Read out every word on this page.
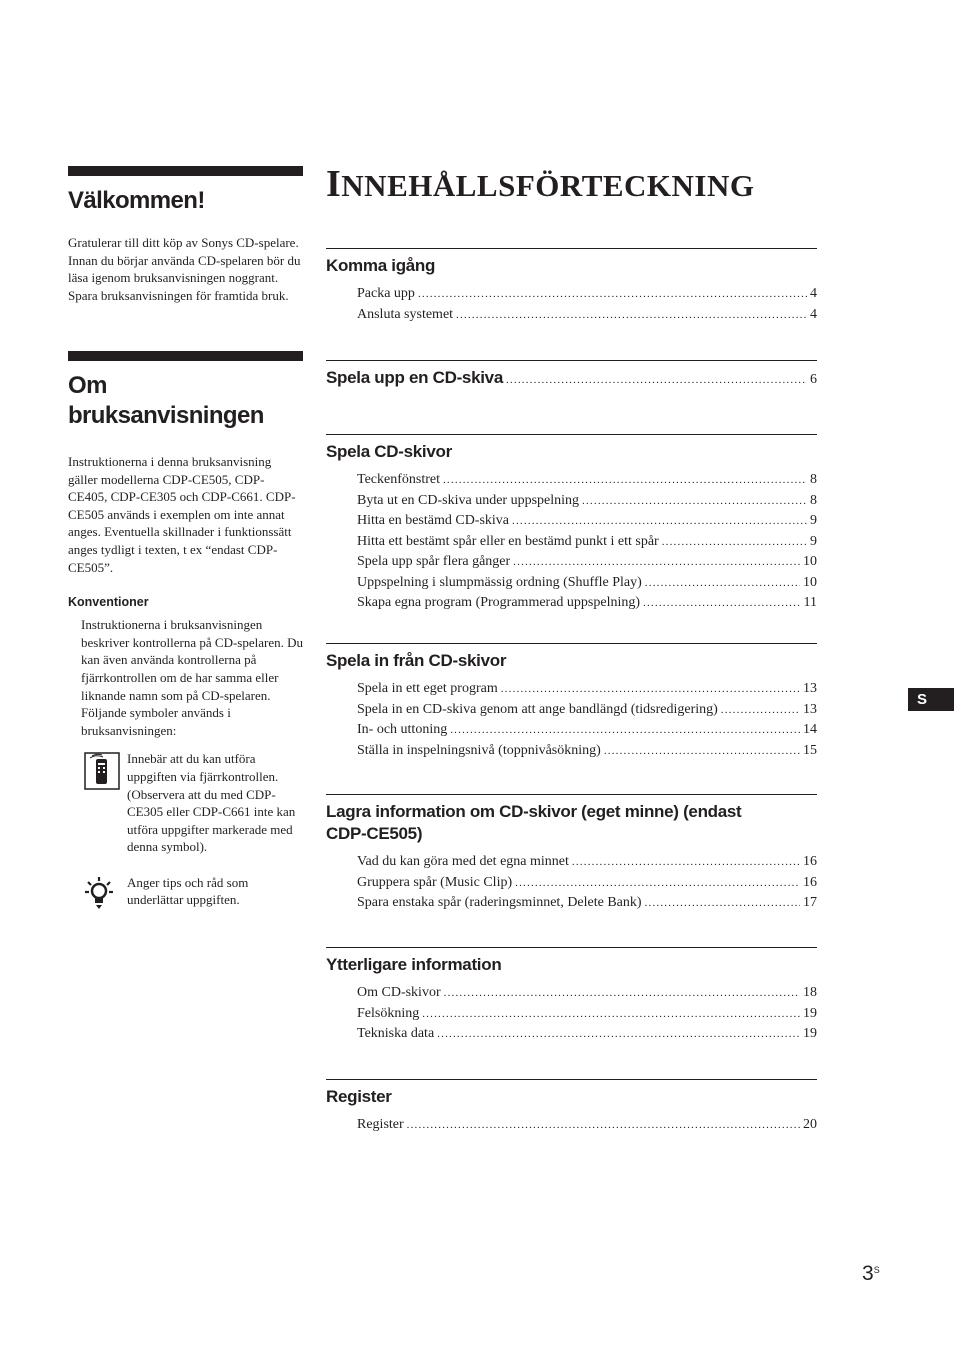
Välkommen!
Gratulerar till ditt köp av Sonys CD-spelare. Innan du börjar använda CD-spelaren bör du läsa igenom bruksanvisningen noggrant. Spara bruksanvisningen för framtida bruk.
Om bruksanvisningen
Instruktionerna i denna bruksanvisning gäller modellerna CDP-CE505, CDP-CE405, CDP-CE305 och CDP-C661. CDP-CE505 används i exemplen om inte annat anges. Eventuella skillnader i funktionssätt anges tydligt i texten, t ex “endast CDP-CE505”.
Konventioner
Instruktionerna i bruksanvisningen beskriver kontrollerna på CD-spelaren. Du kan även använda kontrollerna på fjärrkontrollen om de har samma eller liknande namn som på CD-spelaren. Följande symboler används i bruksanvisningen:
Innebär att du kan utföra uppgiften via fjärrkontrollen. (Observera att du med CDP-CE305 eller CDP-C661 inte kan utföra uppgifter markerade med denna symbol).
Anger tips och råd som underlättar uppgiften.
INNEHÅLLSFÖRTECKNING
Komma igång
Packa upp .....	4
Ansluta systemet .....	4
Spela upp en CD-skiva .....	6
Spela CD-skivor
Teckenfönstret .....	8
Byta ut en CD-skiva under uppspelning .....	8
Hitta en bestämd CD-skiva .....	9
Hitta ett bestämt spår eller en bestämd punkt i ett spår .....	9
Spela upp spår flera gånger .....	10
Uppspelning i slumpmässig ordning (Shuffle Play) .....	10
Skapa egna program (Programmerad uppspelning) .....	11
Spela in från CD-skivor
Spela in ett eget program .....	13
Spela in en CD-skiva genom att ange bandlängd (tidsredigering) .....	13
In- och uttoning .....	14
Ställa in inspelningsnivå (toppnivåsökning) .....	15
Lagra information om CD-skivor (eget minne) (endast
CDP-CE505)
Vad du kan göra med det egna minnet .....	16
Gruppera spår (Music Clip) .....	16
Spara enstaka spår (raderingsminnet, Delete Bank) .....	17
Ytterligare information
Om CD-skivor .....	18
Felsökning .....	19
Tekniska data .....	19
Register
Register .....	20
S
$3^S$
